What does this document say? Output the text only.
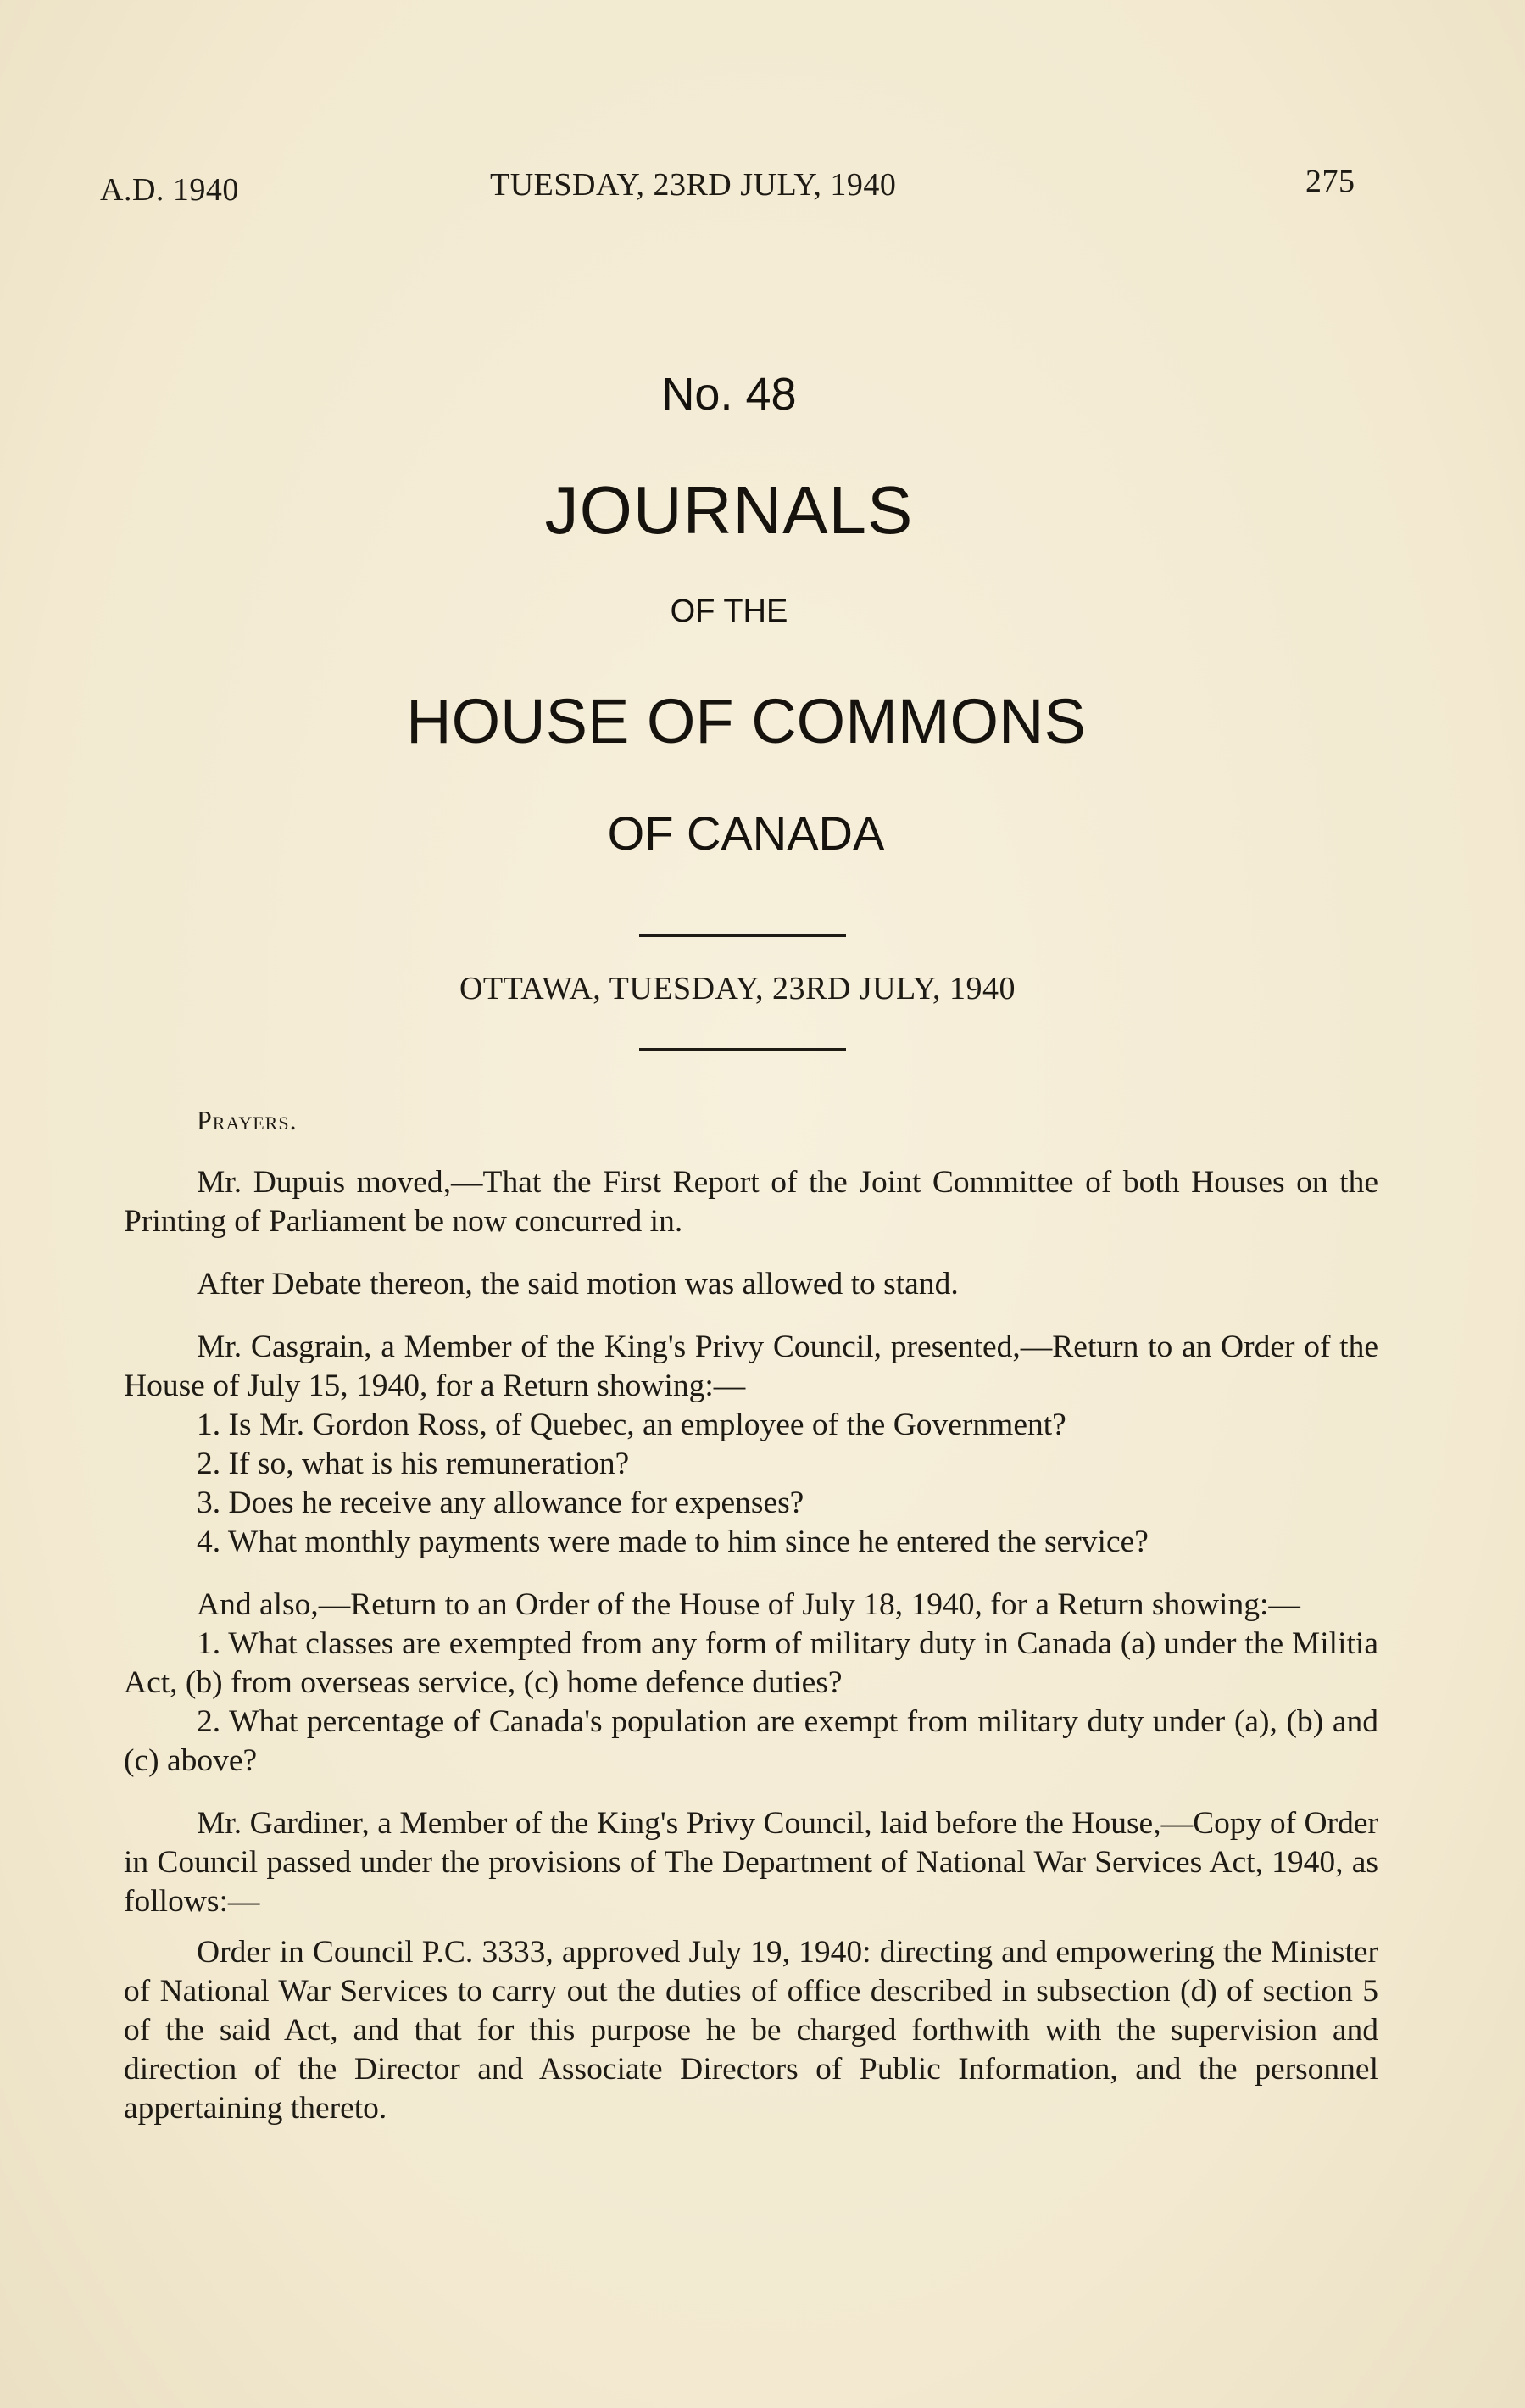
A.D. 1940	TUESDAY, 23RD JULY, 1940	275
No. 48
JOURNALS
OF THE
HOUSE OF COMMONS
OF CANADA
OTTAWA, TUESDAY, 23RD JULY, 1940

Prayers.

Mr. Dupuis moved,—That the First Report of the Joint Committee of both Houses on the Printing of Parliament be now concurred in.

After Debate thereon, the said motion was allowed to stand.

Mr. Casgrain, a Member of the King's Privy Council, presented,—Return to an Order of the House of July 15, 1940, for a Return showing:—

1. Is Mr. Gordon Ross, of Quebec, an employee of the Government?

2. If so, what is his remuneration?

3. Does he receive any allowance for expenses?

4. What monthly payments were made to him since he entered the service?

And also,—Return to an Order of the House of July 18, 1940, for a Return showing:—

1. What classes are exempted from any form of military duty in Canada (a) under the Militia Act, (b) from overseas service, (c) home defence duties?

2. What percentage of Canada's population are exempt from military duty under (a), (b) and (c) above?

Mr. Gardiner, a Member of the King's Privy Council, laid before the House,—Copy of Order in Council passed under the provisions of The Department of National War Services Act, 1940, as follows:—

Order in Council P.C. 3333, approved July 19, 1940: directing and empowering the Minister of National War Services to carry out the duties of office described in subsection (d) of section 5 of the said Act, and that for this purpose he be charged forthwith with the supervision and direction of the Director and Associate Directors of Public Information, and the personnel appertaining thereto.
